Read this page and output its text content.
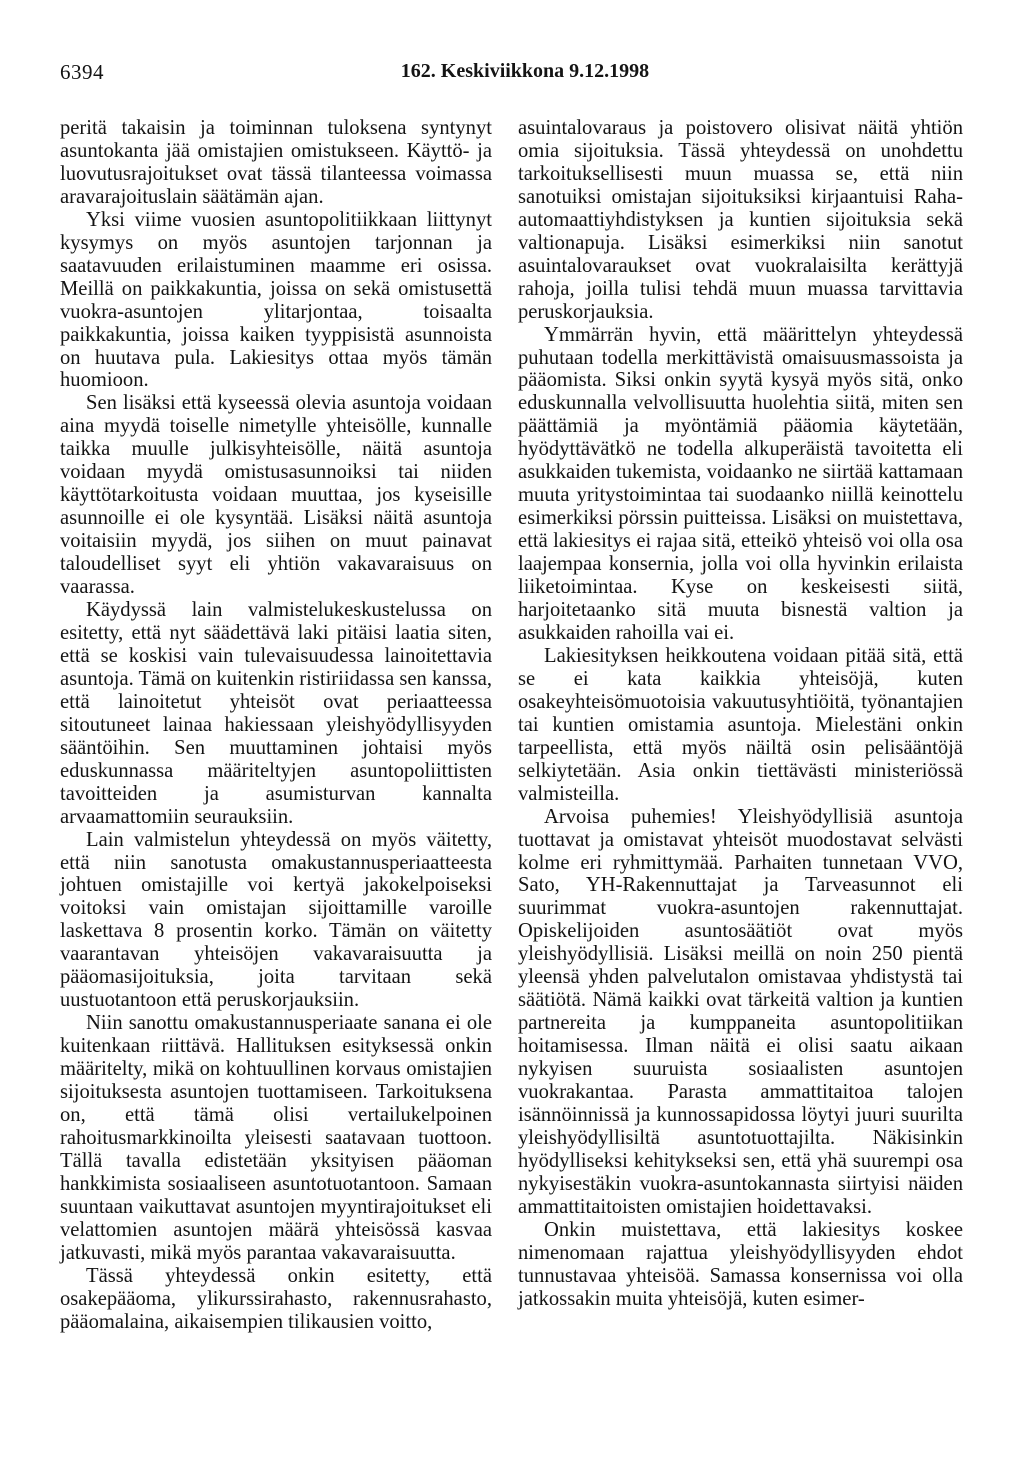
6394	162. Keskiviikkona 9.12.1998

peritä takaisin ja toiminnan tuloksena syntynyt asuntokanta jää omistajien omistukseen. Käyttö- ja luovutusrajoitukset ovat tässä tilanteessa voimassa aravarajoituslain säätämän ajan.

Yksi viime vuosien asuntopolitiikkaan liittynyt kysymys on myös asuntojen tarjonnan ja saatavuuden erilaistuminen maamme eri osissa. Meillä on paikkakuntia, joissa on sekä omistusettä vuokra-asuntojen ylitarjontaa, toisaalta paikkakuntia, joissa kaiken tyyppisistä asunnoista on huutava pula. Lakiesitys ottaa myös tämän huomioon.

Sen lisäksi että kyseessä olevia asuntoja voidaan aina myydä toiselle nimetylle yhteisölle, kunnalle taikka muulle julkisyhteisölle, näitä asuntoja voidaan myydä omistusasunnoiksi tai niiden käyttötarkoitusta voidaan muuttaa, jos kyseisille asunnoille ei ole kysyntää. Lisäksi näitä asuntoja voitaisiin myydä, jos siihen on muut painavat taloudelliset syyt eli yhtiön vakavaraisuus on vaarassa.

Käydyssä lain valmistelukeskustelussa on esitetty, että nyt säädettävä laki pitäisi laatia siten, että se koskisi vain tulevaisuudessa lainoitettavia asuntoja. Tämä on kuitenkin ristiriidassa sen kanssa, että lainoitetut yhteisöt ovat periaatteessa sitoutuneet lainaa hakiessaan yleishyödyllisyyden sääntöihin. Sen muuttaminen johtaisi myös eduskunnassa määriteltyjen asuntopoliittisten tavoitteiden ja asumisturvan kannalta arvaamattomiin seurauksiin.

Lain valmistelun yhteydessä on myös väitetty, että niin sanotusta omakustannusperiaatteesta johtuen omistajille voi kertyä jakokelpoiseksi voitoksi vain omistajan sijoittamille varoille laskettava 8 prosentin korko. Tämän on väitetty vaarantavan yhteisöjen vakavaraisuutta ja pääomasijoituksia, joita tarvitaan sekä uustuotantoon että peruskorjauksiin.

Niin sanottu omakustannusperiaate sanana ei ole kuitenkaan riittävä. Hallituksen esityksessä onkin määritelty, mikä on kohtuullinen korvaus omistajien sijoituksesta asuntojen tuottamiseen. Tarkoituksena on, että tämä olisi vertailukelpoinen rahoitusmarkkinoilta yleisesti saatavaan tuottoon. Tällä tavalla edistetään yksityisen pääoman hankkimista sosiaaliseen asuntotuotantoon. Samaan suuntaan vaikuttavat asuntojen myyntirajoitukset eli velattomien asuntojen määrä yhteisössä kasvaa jatkuvasti, mikä myös parantaa vakavaraisuutta.

Tässä yhteydessä onkin esitetty, että osakepääoma, ylikurssirahasto, rakennusrahasto, pääomalaina, aikaisempien tilikausien voitto,

asuintalovaraus ja poistovero olisivat näitä yhtiön omia sijoituksia. Tässä yhteydessä on unohdettu tarkoituksellisesti muun muassa se, että niin sanotuiksi omistajan sijoituksiksi kirjaantuisi Raha-automaattiyhdistyksen ja kuntien sijoituksia sekä valtionapuja. Lisäksi esimerkiksi niin sanotut asuintalovaraukset ovat vuokralaisilta kerättyjä rahoja, joilla tulisi tehdä muun muassa tarvittavia peruskorjauksia.

Ymmärrän hyvin, että määrittelyn yhteydessä puhutaan todella merkittävistä omaisuusmassoista ja pääomista. Siksi onkin syytä kysyä myös sitä, onko eduskunnalla velvollisuutta huolehtia siitä, miten sen päättämiä ja myöntämiä pääomia käytetään, hyödyttävätkö ne todella alkuperäistä tavoitetta eli asukkaiden tukemista, voidaanko ne siirtää kattamaan muuta yritystoimintaa tai suodaanko niillä keinottelu esimerkiksi pörssin puitteissa. Lisäksi on muistettava, että lakiesitys ei rajaa sitä, etteikö yhteisö voi olla osa laajempaa konsernia, jolla voi olla hyvinkin erilaista liiketoimintaa. Kyse on keskeisesti siitä, harjoitetaanko sitä muuta bisnestä valtion ja asukkaiden rahoilla vai ei.

Lakiesityksen heikkoutena voidaan pitää sitä, että se ei kata kaikkia yhteisöjä, kuten osakeyhteisömuotoisia vakuutusyhtiöitä, työnantajien tai kuntien omistamia asuntoja. Mielestäni onkin tarpeellista, että myös näiltä osin pelisääntöjä selkiytetään. Asia onkin tiettävästi ministeriössä valmisteilla.

Arvoisa puhemies! Yleishyödyllisiä asuntoja tuottavat ja omistavat yhteisöt muodostavat selvästi kolme eri ryhmittymää. Parhaiten tunnetaan VVO, Sato, YH-Rakennuttajat ja Tarveasunnot eli suurimmat vuokra-asuntojen rakennuttajat. Opiskelijoiden asuntosäätiöt ovat myös yleishyödyllisiä. Lisäksi meillä on noin 250 pientä yleensä yhden palvelutalon omistavaa yhdistystä tai säätiötä. Nämä kaikki ovat tärkeitä valtion ja kuntien partnereita ja kumppaneita asuntopolitiikan hoitamisessa. Ilman näitä ei olisi saatu aikaan nykyisen suuruista sosiaalisten asuntojen vuokrakantaa. Parasta ammattitaitoa talojen isännöinnissä ja kunnossapidossa löytyi juuri suurilta yleishyödyllisiltä asuntotuottajilta. Näkisinkin hyödylliseksi kehitykseksi sen, että yhä suurempi osa nykyisestäkin vuokra-asuntokannasta siirtyisi näiden ammattitaitoisten omistajien hoidettavaksi.

Onkin muistettava, että lakiesitys koskee nimenomaan rajattua yleishyödyllisyyden ehdot tunnustavaa yhteisöä. Samassa konsernissa voi olla jatkossakin muita yhteisöjä, kuten esimer-
